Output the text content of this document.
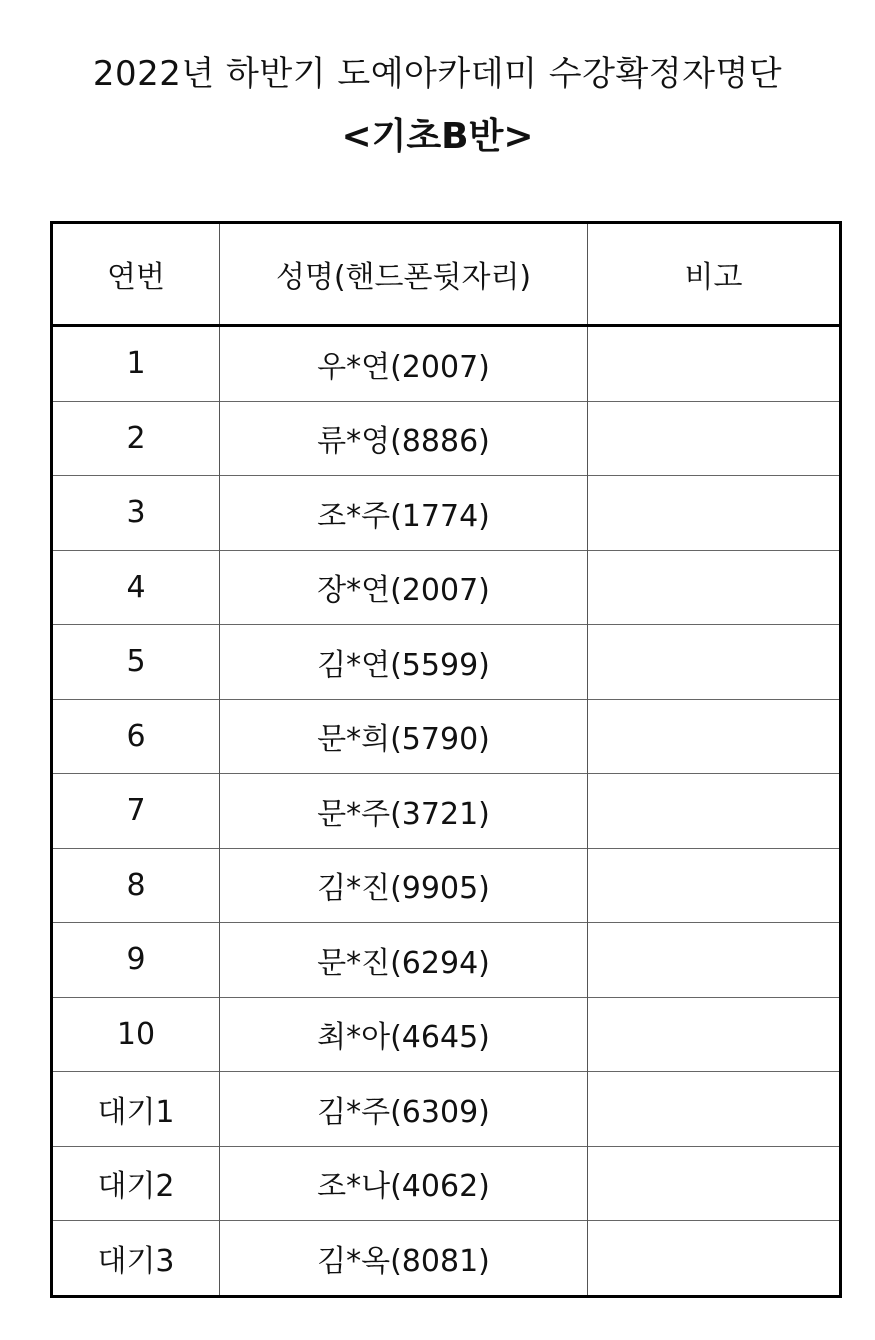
2022년 하반기 도예아카데미 수강확정자명단
<기초B반>
연번	성명(핸드폰뒷자리)	비고
1	우*연(2007)	
2	류*영(8886)	
3	조*주(1774)	
4	장*연(2007)	
5	김*연(5599)	
6	문*희(5790)	
7	문*주(3721)	
8	김*진(9905)	
9	문*진(6294)	
10	최*아(4645)	
대기1	김*주(6309)	
대기2	조*나(4062)	
대기3	김*옥(8081)	
